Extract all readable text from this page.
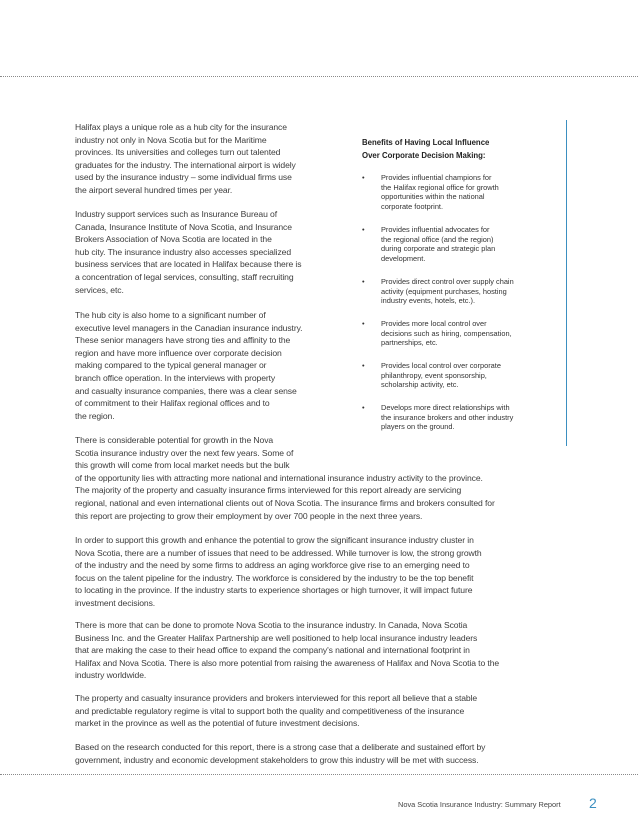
Halifax plays a unique role as a hub city for the insurance
industry not only in Nova Scotia but for the Maritime
provinces. Its universities and colleges turn out talented
graduates for the industry. The international airport is widely
used by the insurance industry – some individual firms use
the airport several hundred times per year.

Industry support services such as Insurance Bureau of
Canada, Insurance Institute of Nova Scotia, and Insurance
Brokers Association of Nova Scotia are located in the
hub city. The insurance industry also accesses specialized
business services that are located in Halifax because there is
a concentration of legal services, consulting, staff recruiting
services, etc.

The hub city is also home to a significant number of
executive level managers in the Canadian insurance industry.
These senior managers have strong ties and affinity to the
region and have more influence over corporate decision
making compared to the typical general manager or
branch office operation. In the interviews with property
and casualty insurance companies, there was a clear sense
of commitment to their Halifax regional offices and to
the region.

There is considerable potential for growth in the Nova
Scotia insurance industry over the next few years. Some of
this growth will come from local market needs but the bulk
of the opportunity lies with attracting more national and international insurance industry activity to the province.
The majority of the property and casualty insurance firms interviewed for this report already are servicing
regional, national and even international clients out of Nova Scotia. The insurance firms and brokers consulted for
this report are projecting to grow their employment by over 700 people in the next three years.

In order to support this growth and enhance the potential to grow the significant insurance industry cluster in
Nova Scotia, there are a number of issues that need to be addressed. While turnover is low, the strong growth
of the industry and the need by some firms to address an aging workforce give rise to an emerging need to
focus on the talent pipeline for the industry. The workforce is considered by the industry to be the top benefit
to locating in the province. If the industry starts to experience shortages or high turnover, it will impact future
investment decisions.

There is more that can be done to promote Nova Scotia to the insurance industry. In Canada, Nova Scotia
Business Inc. and the Greater Halifax Partnership are well positioned to help local insurance industry leaders
that are making the case to their head office to expand the company's national and international footprint in
Halifax and Nova Scotia. There is also more potential from raising the awareness of Halifax and Nova Scotia to the
industry worldwide.

The property and casualty insurance providers and brokers interviewed for this report all believe that a stable
and predictable regulatory regime is vital to support both the quality and competitiveness of the insurance
market in the province as well as the potential of future investment decisions.

Based on the research conducted for this report, there is a strong case that a deliberate and sustained effort by
government, industry and economic development stakeholders to grow this industry will be met with success.

Benefits of Having Local Influence
Over Corporate Decision Making:
• Provides influential champions for
the Halifax regional office for growth
opportunities within the national
corporate footprint.
• Provides influential advocates for
the regional office (and the region)
during corporate and strategic plan
development.
• Provides direct control over supply chain
activity (equipment purchases, hosting
industry events, hotels, etc.).
• Provides more local control over
decisions such as hiring, compensation,
partnerships, etc.
• Provides local control over corporate
philanthropy, event sponsorship,
scholarship activity, etc.
• Develops more direct relationships with
the insurance brokers and other industry
players on the ground.
Nova Scotia Insurance Industry: Summary Report 2
